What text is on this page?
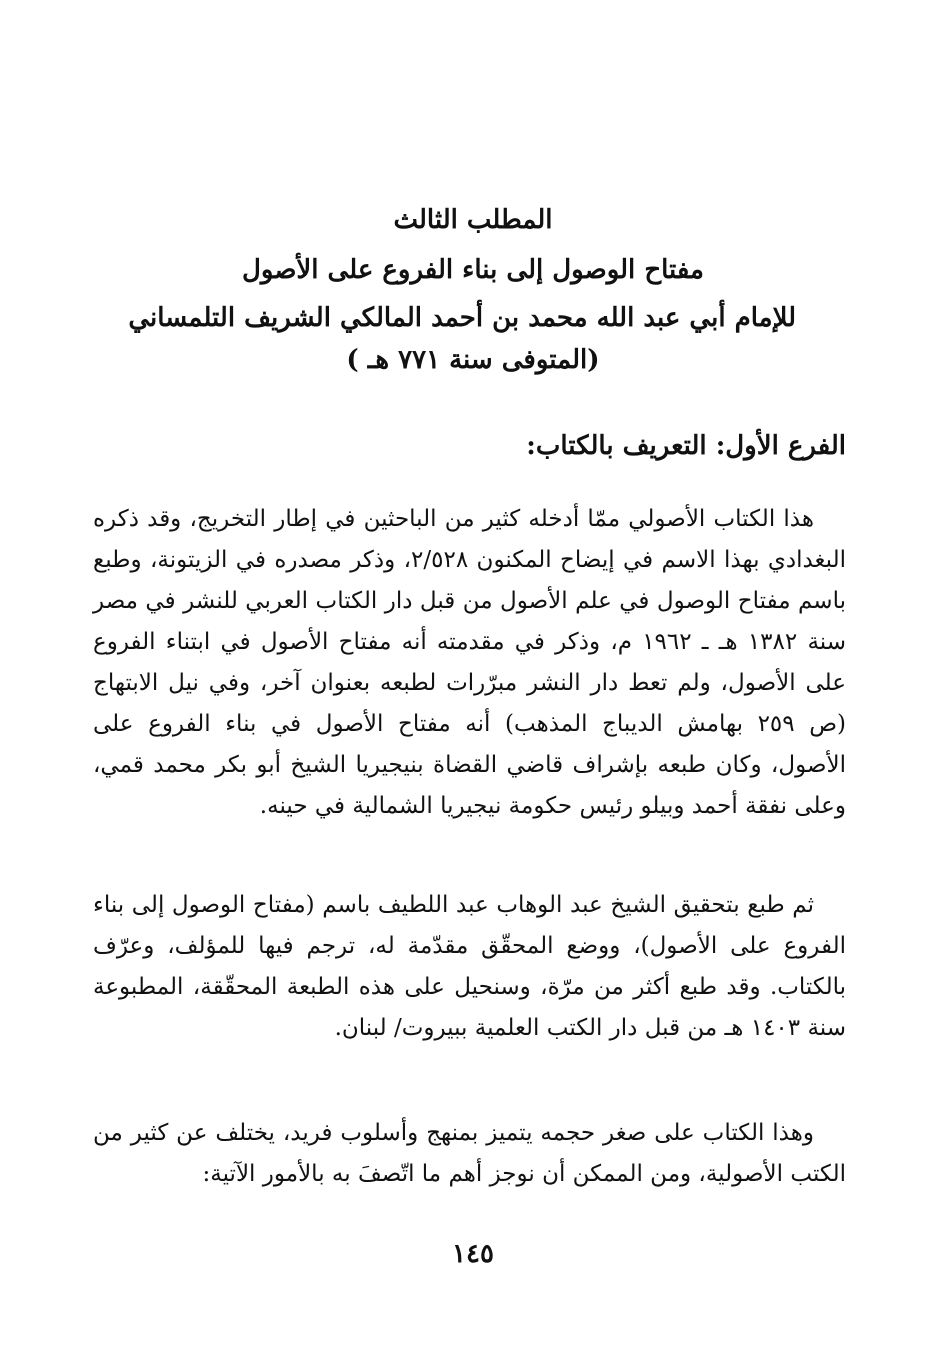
المطلب الثالث
مفتاح الوصول إلى بناء الفروع على الأصول
للإمام أبي عبد الله محمد بن أحمد المالكي الشريف التلمساني
(المتوفى سنة ٧٧١ هـ )
الفرع الأول: التعريف بالكتاب:

هذا الكتاب الأصولي ممّا أدخله كثير من الباحثين في إطار التخريج، وقد ذكره البغدادي بهذا الاسم في إيضاح المكنون ٢/٥٢٨، وذكر مصدره في الزيتونة، وطبع باسم مفتاح الوصول في علم الأصول من قبل دار الكتاب العربي للنشر في مصر سنة ١٣٨٢ هـ ـ ١٩٦٢ م، وذكر في مقدمته أنه مفتاح الأصول في ابتناء الفروع على الأصول، ولم تعط دار النشر مبرّرات لطبعه بعنوان آخر، وفي نيل الابتهاج (ص ٢٥٩ بهامش الديباج المذهب) أنه مفتاح الأصول في بناء الفروع على الأصول، وكان طبعه بإشراف قاضي القضاة بنيجيريا الشيخ أبو بكر محمد قمي، وعلى نفقة أحمد وبيلو رئيس حكومة نيجيريا الشمالية في حينه.

ثم طبع بتحقيق الشيخ عبد الوهاب عبد اللطيف باسم (مفتاح الوصول إلى بناء الفروع على الأصول)، ووضع المحقّق مقدّمة له، ترجم فيها للمؤلف، وعرّف بالكتاب. وقد طبع أكثر من مرّة، وسنحيل على هذه الطبعة المحقّقة، المطبوعة سنة ١٤٠٣ هـ من قبل دار الكتب العلمية ببيروت/ لبنان.

وهذا الكتاب على صغر حجمه يتميز بمنهج وأسلوب فريد، يختلف عن كثير من الكتب الأصولية، ومن الممكن أن نوجز أهم ما اتّصفَ به بالأمور الآتية:

١٤٥
